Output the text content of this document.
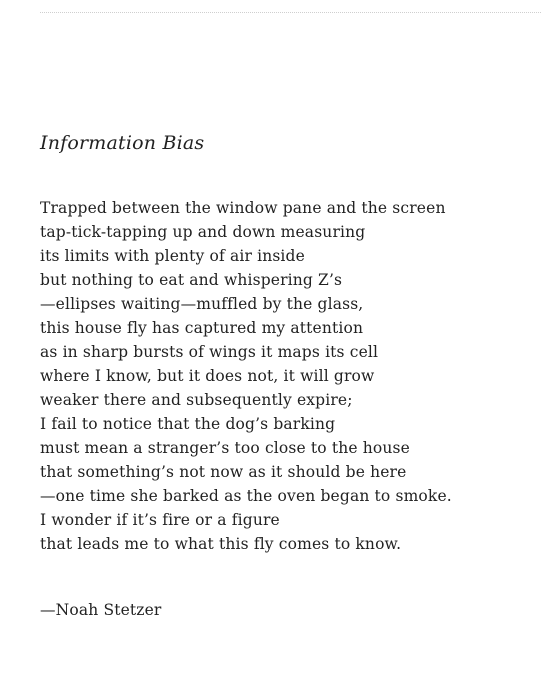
Information Bias
Trapped between the window pane and the screen
tap-tick-tapping up and down measuring
its limits with plenty of air inside
but nothing to eat and whispering Z’s
—ellipses waiting—muffled by the glass,
this house fly has captured my attention
as in sharp bursts of wings it maps its cell
where I know, but it does not, it will grow
weaker there and subsequently expire;
I fail to notice that the dog’s barking
must mean a stranger’s too close to the house
that something’s not now as it should be here
—one time she barked as the oven began to smoke.
I wonder if it’s fire or a figure
that leads me to what this fly comes to know.

—Noah Stetzer
